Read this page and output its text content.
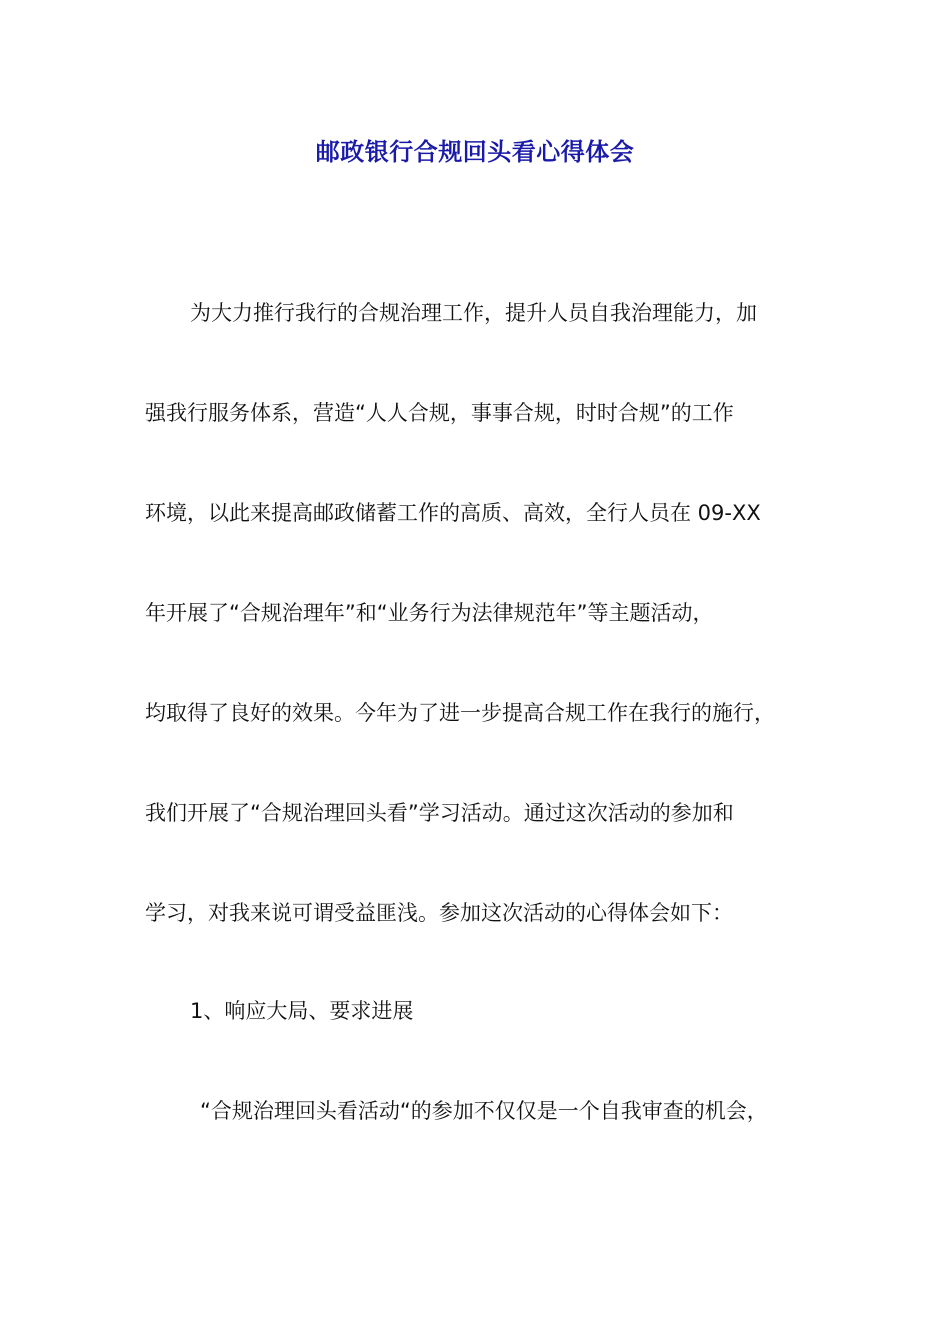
邮政银行合规回头看心得体会
为大力推行我行的合规治理工作，提升人员自我治理能力，加
强我行服务体系，营造“人人合规，事事合规，时时合规”的工作
环境，以此来提高邮政储蓄工作的高质、高效，全行人员在 09-XX
年开展了“合规治理年”和“业务行为法律规范年”等主题活动，
均取得了良好的效果。今年为了进一步提高合规工作在我行的施行，
我们开展了“合规治理回头看”学习活动。通过这次活动的参加和
学习，对我来说可谓受益匪浅。参加这次活动的心得体会如下：
1、响应大局、要求进展
“合规治理回头看活动“的参加不仅仅是一个自我审查的机会，
